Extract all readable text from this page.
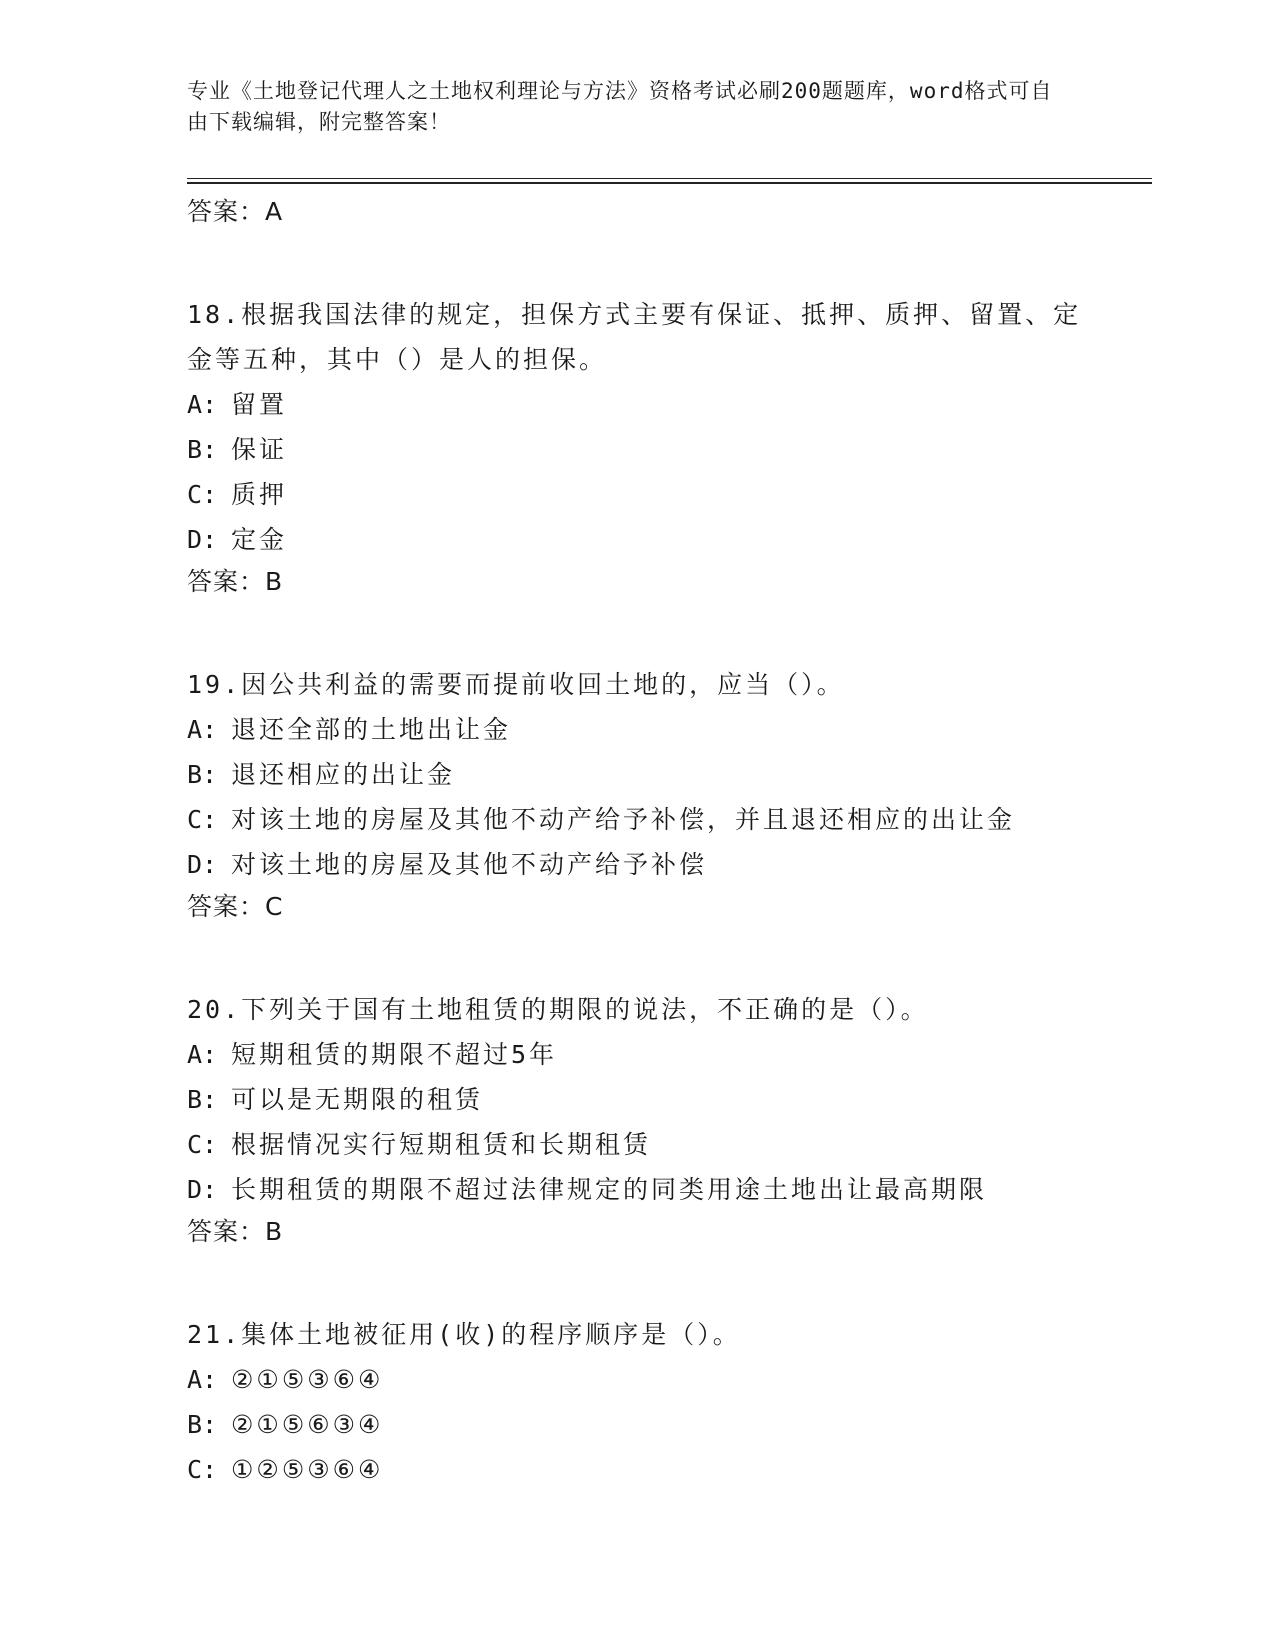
专业《土地登记代理人之土地权利理论与方法》资格考试必刷200题题库，word格式可自由下载编辑，附完整答案！
答案：A
18.根据我国法律的规定，担保方式主要有保证、抵押、质押、留置、定金等五种，其中（）是人的担保。
A: 留置
B: 保证
C: 质押
D: 定金
答案：B
19.因公共利益的需要而提前收回土地的，应当（）。
A: 退还全部的土地出让金
B: 退还相应的出让金
C: 对该土地的房屋及其他不动产给予补偿，并且退还相应的出让金
D: 对该土地的房屋及其他不动产给予补偿
答案：C
20.下列关于国有土地租赁的期限的说法，不正确的是（）。
A: 短期租赁的期限不超过5年
B: 可以是无期限的租赁
C: 根据情况实行短期租赁和长期租赁
D: 长期租赁的期限不超过法律规定的同类用途土地出让最高期限
答案：B
21.集体土地被征用(收)的程序顺序是（）。
A: ②①⑤③⑥④
B: ②①⑤⑥③④
C: ①②⑤③⑥④
